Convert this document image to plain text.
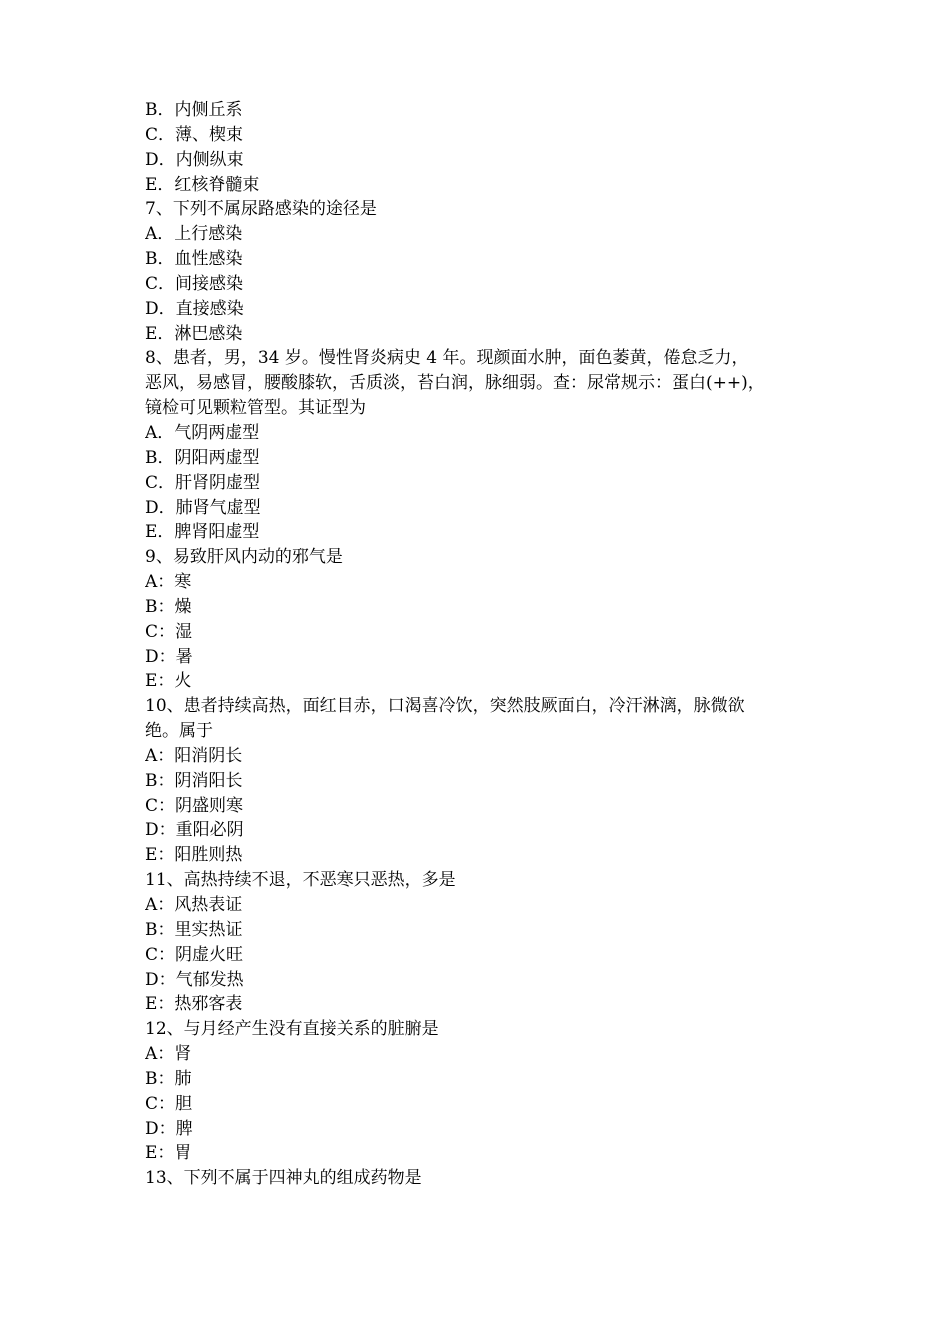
B．内侧丘系
C．薄、楔束
D．内侧纵束
E．红核脊髓束
7、下列不属尿路感染的途径是
A．上行感染
B．血性感染
C．间接感染
D．直接感染
E．淋巴感染
8、患者，男，34 岁。慢性肾炎病史 4 年。现颜面水肿，面色萎黄，倦怠乏力，
恶风，易感冒，腰酸膝软，舌质淡，苔白润，脉细弱。查：尿常规示：蛋白(++)，
镜检可见颗粒管型。其证型为
A．气阴两虚型
B．阴阳两虚型
C．肝肾阴虚型
D．肺肾气虚型
E．脾肾阳虚型
9、易致肝风内动的邪气是
A：寒
B：燥
C：湿
D：暑
E：火
10、患者持续高热，面红目赤，口渴喜冷饮，突然肢厥面白，冷汗淋漓，脉微欲
绝。属于
A：阳消阴长
B：阴消阳长
C：阴盛则寒
D：重阳必阴
E：阳胜则热
11、高热持续不退，不恶寒只恶热，多是
A：风热表证
B：里实热证
C：阴虚火旺
D：气郁发热
E：热邪客表
12、与月经产生没有直接关系的脏腑是
A：肾
B：肺
C：胆
D：脾
E：胃
13、下列不属于四神丸的组成药物是
